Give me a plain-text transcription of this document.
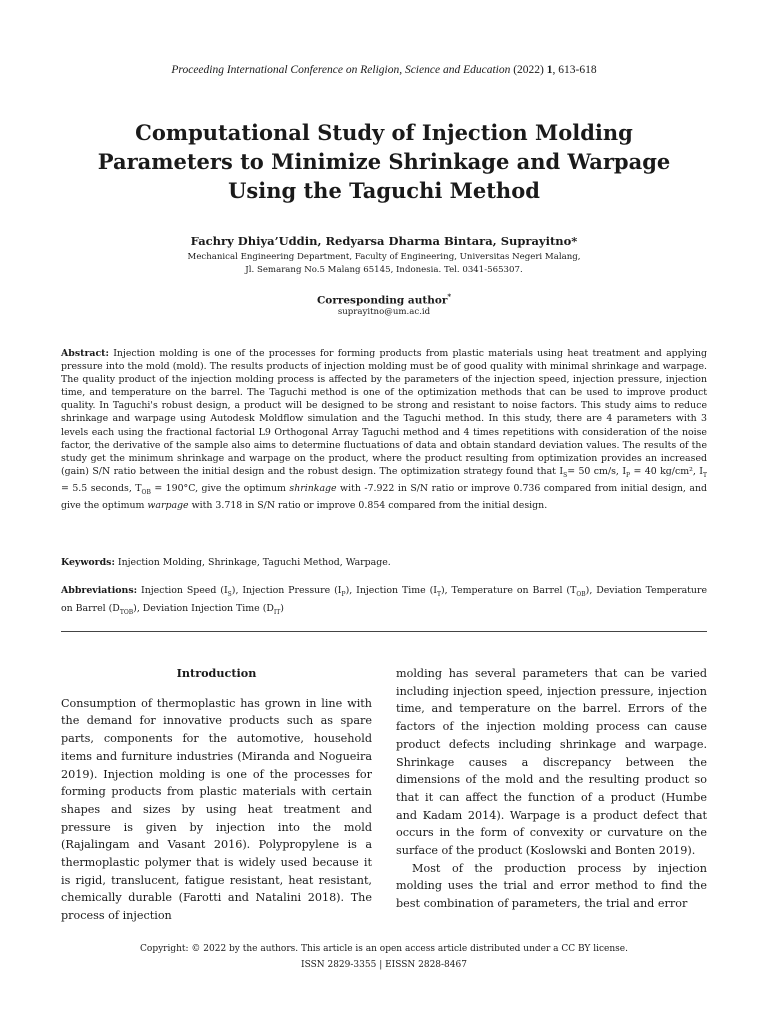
Proceeding International Conference on Religion, Science and Education (2022) 1, 613-618
Computational Study of Injection Molding Parameters to Minimize Shrinkage and Warpage Using the Taguchi Method
Fachry Dhiya’Uddin, Redyarsa Dharma Bintara, Suprayitno*
Mechanical Engineering Department, Faculty of Engineering, Universitas Negeri Malang,
Jl. Semarang No.5 Malang 65145, Indonesia. Tel. 0341-565307.
Corresponding author*
suprayitno@um.ac.id
Abstract: Injection molding is one of the processes for forming products from plastic materials using heat treatment and applying pressure into the mold (mold). The results products of injection molding must be of good quality with minimal shrinkage and warpage. The quality product of the injection molding process is affected by the parameters of the injection speed, injection pressure, injection time, and temperature on the barrel. The Taguchi method is one of the optimization methods that can be used to improve product quality. In Taguchi's robust design, a product will be designed to be strong and resistant to noise factors. This study aims to reduce shrinkage and warpage using Autodesk Moldflow simulation and the Taguchi method. In this study, there are 4 parameters with 3 levels each using the fractional factorial L9 Orthogonal Array Taguchi method and 4 times repetitions with consideration of the noise factor, the derivative of the sample also aims to determine fluctuations of data and obtain standard deviation values. The results of the study get the minimum shrinkage and warpage on the product, where the product resulting from optimization provides an increased (gain) S/N ratio between the initial design and the robust design. The optimization strategy found that $I_S= 50$ cm/s, $I_P = 40$ kg/cm², $I_T = 5.5$ seconds, $T_{OB} = 190^\circ C$, give the optimum shrinkage with -7.922 in S/N ratio or improve 0.736 compared from initial design, and give the optimum warpage with 3.718 in S/N ratio or improve 0.854 compared from the initial design.
Keywords: Injection Molding, Shrinkage, Taguchi Method, Warpage.
Abbreviations: Injection Speed $(I_S)$, Injection Pressure $(I_P)$, Injection Time $(I_T)$, Temperature on Barrel $(T_{OB})$, Deviation Temperature on Barrel $(D_{TOB})$, Deviation Injection Time $(D_{IT})$
Introduction

Consumption of thermoplastic has grown in line with the demand for innovative products such as spare parts, components for the automotive, household items and furniture industries (Miranda and Nogueira 2019). Injection molding is one of the processes for forming products from plastic materials with certain shapes and sizes by using heat treatment and pressure is given by injection into the mold (Rajalingam and Vasant 2016). Polypropylene is a thermoplastic polymer that is widely used because it is rigid, translucent, fatigue resistant, heat resistant, chemically durable (Farotti and Natalini 2018). The process of injection

molding has several parameters that can be varied including injection speed, injection pressure, injection time, and temperature on the barrel. Errors of the factors of the injection molding process can cause product defects including shrinkage and warpage. Shrinkage causes a discrepancy between the dimensions of the mold and the resulting product so that it can affect the function of a product (Humbe and Kadam 2014). Warpage is a product defect that occurs in the form of convexity or curvature on the surface of the product (Koslowski and Bonten 2019).

Most of the production process by injection molding uses the trial and error method to find the best combination of parameters, the trial and error

Copyright: © 2022 by the authors. This article is an open access article distributed under a CC BY license.
ISSN 2829-3355 | EISSN 2828-8467
